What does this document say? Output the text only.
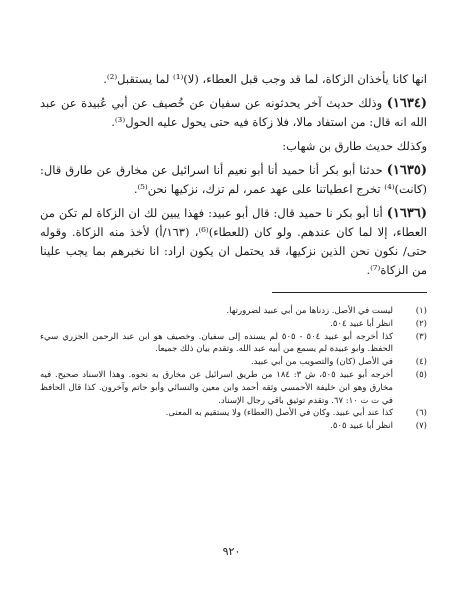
انها كانا يأخذان الزكاة، لما قد وجب قبل العطاء، (لا)⁽¹⁾ لما يستقبل⁽²⁾.

(١٦٣٤) وذلك حديث آخر يحدثونه عن سفيان عن خُصيف عن أبي عُبيدة عن عبد الله انه قال: من استفاد مالا، فلا زكاة فيه حتى يحول عليه الحول⁽³⁾.

وكذلك حديث طارق بن شهاب:

(١٦٣٥) حدثنا أبو بكر أنا حميد أنا أبو نعيم أنا اسرائيل عن مخارق عن طارق قال: (كانت)⁽⁴⁾ تخرج اعطياتنا على عهد عمر، لم تزك، نزكيها نحن⁽⁵⁾.

(١٦٣٦) أنا أبو بكر نا حميد قال: قال أبو عبيد: فهذا يبين لك ان الزكاة لم تكن من العطاء، إلا لما كان عندهم. ولو كان (للعطاء)⁽⁶⁾، (١٦٣/أ) لأخذ منه الزكاة. وقوله حتى/ نكون نحن الذين نزكيها، قد يحتمل ان يكون اراد: انا نخبرهم بما يجب علينا من الزكاة⁽⁷⁾.

(١)
ليست في الأصل. زدناها من أبي عبيد لضرورتها.
(٢)
انظر أبا عبيد ٥٠٤.
(٣)
كذا أخرجه أبو عبيد ٥٠٤ - ٥٠٥ لم يسنده إلى سفيان. وخصيف هو ابن عبد الرحمن الجزري سيء الحفظ. وابو عبيدة لم يسمع من أبيه عبد الله. وتقدم بيان ذلك جميعا.
(٤)
في الأصل (كان) والتصويب من أبي عبيد.
(٥)
أخرجه أبو عبيد ٥٠٥، ش ٣: ١٨٤ من طريق اسرائيل عن مخارق به نحوه. وهذا الاسناد صحيح. فيه مخارق وهو ابن خليفة الأحمسي وثقه أحمد وابن معين والنسائي وأبو حاتم وآخرون. كذا قال الحافظ في ت ت ١٠: ٦٧. وتقدم توثيق باقي رجال الإسناد.
(٦)
كذا عند أبي عبيد. وكان في الأصل (العطاء) ولا يستقيم به المعنى.
(٧)
انظر أبا عبيد ٥٠٥.
٩٢٠
